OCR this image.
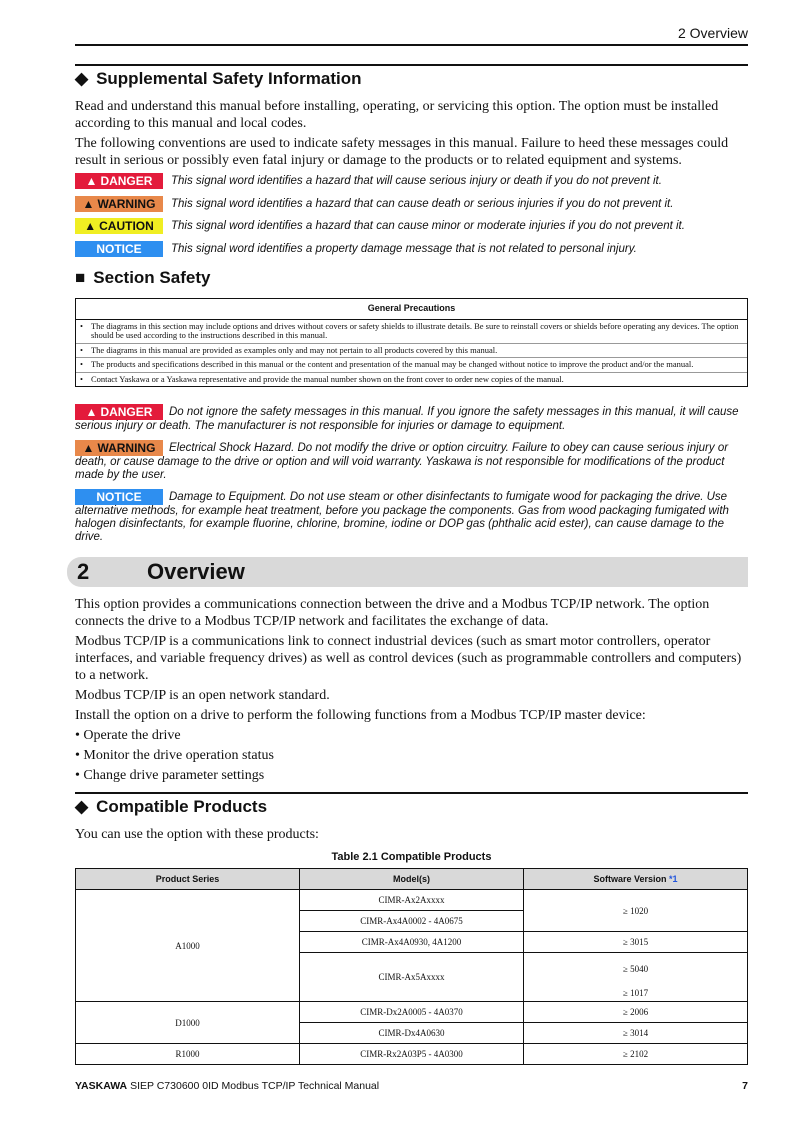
2 Overview
◆ Supplemental Safety Information

Read and understand this manual before installing, operating, or servicing this option. The option must be installed according to this manual and local codes.

The following conventions are used to indicate safety messages in this manual. Failure to heed these messages could result in serious or possibly even fatal injury or damage to the products or to related equipment and systems.

▲ DANGER This signal word identifies a hazard that will cause serious injury or death if you do not prevent it.
▲ WARNING This signal word identifies a hazard that can cause death or serious injuries if you do not prevent it.
▲ CAUTION This signal word identifies a hazard that can cause minor or moderate injuries if you do not prevent it.
NOTICE	This signal word identifies a property damage message that is not related to personal injury.
■ Section Safety
General Precautions
• The diagrams in this section may include options and drives without covers or safety shields to illustrate details. Be sure to reinstall covers or shields before operating any devices. The option should be used according to the instructions described in this manual.
• The diagrams in this manual are provided as examples only and may not pertain to all products covered by this manual.
• The products and specifications described in this manual or the content and presentation of the manual may be changed without notice to improve the product and/or the manual.
• Contact Yaskawa or a Yaskawa representative and provide the manual number shown on the front cover to order new copies of the manual.
▲ DANGER Do not ignore the safety messages in this manual. If you ignore the safety messages in this manual, it will cause serious injury or death. The manufacturer is not responsible for injuries or damage to equipment.
▲ WARNING Electrical Shock Hazard. Do not modify the drive or option circuitry. Failure to obey can cause serious injury or death, or cause damage to the drive or option and will void warranty. Yaskawa is not responsible for modifications of the product made by the user.
NOTICE Damage to Equipment. Do not use steam or other disinfectants to fumigate wood for packaging the drive. Use alternative methods, for example heat treatment, before you package the components. Gas from wood packaging fumigated with halogen disinfectants, for example fluorine, chlorine, bromine, iodine or DOP gas (phthalic acid ester), can cause damage to the drive.
2	Overview

This option provides a communications connection between the drive and a Modbus TCP/IP network. The option connects the drive to a Modbus TCP/IP network and facilitates the exchange of data.

Modbus TCP/IP is a communications link to connect industrial devices (such as smart motor controllers, operator interfaces, and variable frequency drives) as well as control devices (such as programmable controllers and computers) to a network.

Modbus TCP/IP is an open network standard.

Install the option on a drive to perform the following functions from a Modbus TCP/IP master device:

• Operate the drive

• Monitor the drive operation status

• Change drive parameter settings

◆ Compatible Products
You can use the option with these products:
Table 2.1 Compatible Products
Product Series	Model(s)	Software Version *1
A1000	CIMR-Ax2Axxxx	≥ 1020
	CIMR-Ax4A0002 - 4A0675	
	CIMR-Ax4A0930, 4A1200	≥ 3015
	CIMR-Ax5Axxxx	≥ 5040
		≥ 1017
D1000	CIMR-Dx2A0005 - 4A0370	≥ 2006
	CIMR-Dx4A0630	≥ 3014
R1000	CIMR-Rx2A03P5 - 4A0300	≥ 2102
YASKAWA SIEP C730600 0ID Modbus TCP/IP Technical Manual	7
